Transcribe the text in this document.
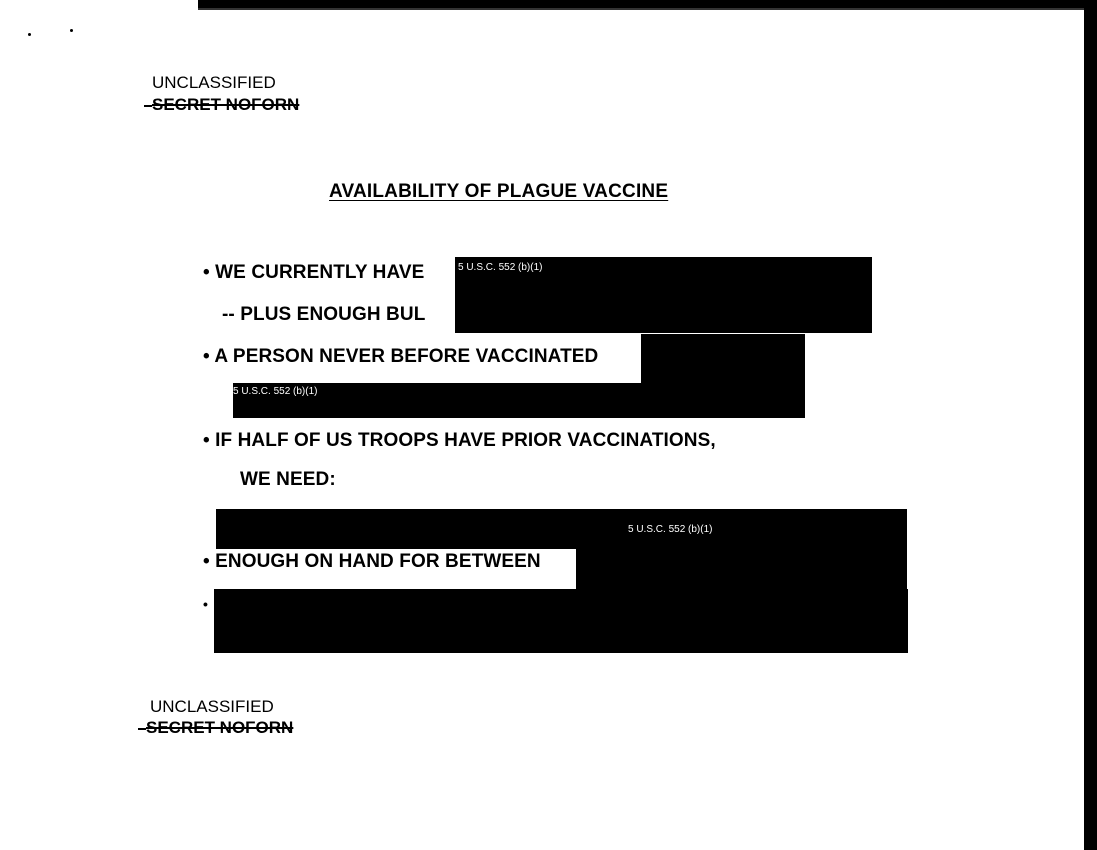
UNCLASSIFIED
SECRET NOFORN
AVAILABILITY OF PLAGUE VACCINE
• WE CURRENTLY HAVE
-- PLUS ENOUGH BUL
• A PERSON NEVER BEFORE VACCINATED
• IF HALF OF US TROOPS HAVE PRIOR VACCINATIONS,
WE NEED:
5 U.S.C. 552 (b)(1)
5 U.S.C. 552 (b)(1)
5 U.S.C. 552 (b)(1)
• ENOUGH ON HAND FOR BETWEEN
•
UNCLASSIFIED
SECRET NOFORN
